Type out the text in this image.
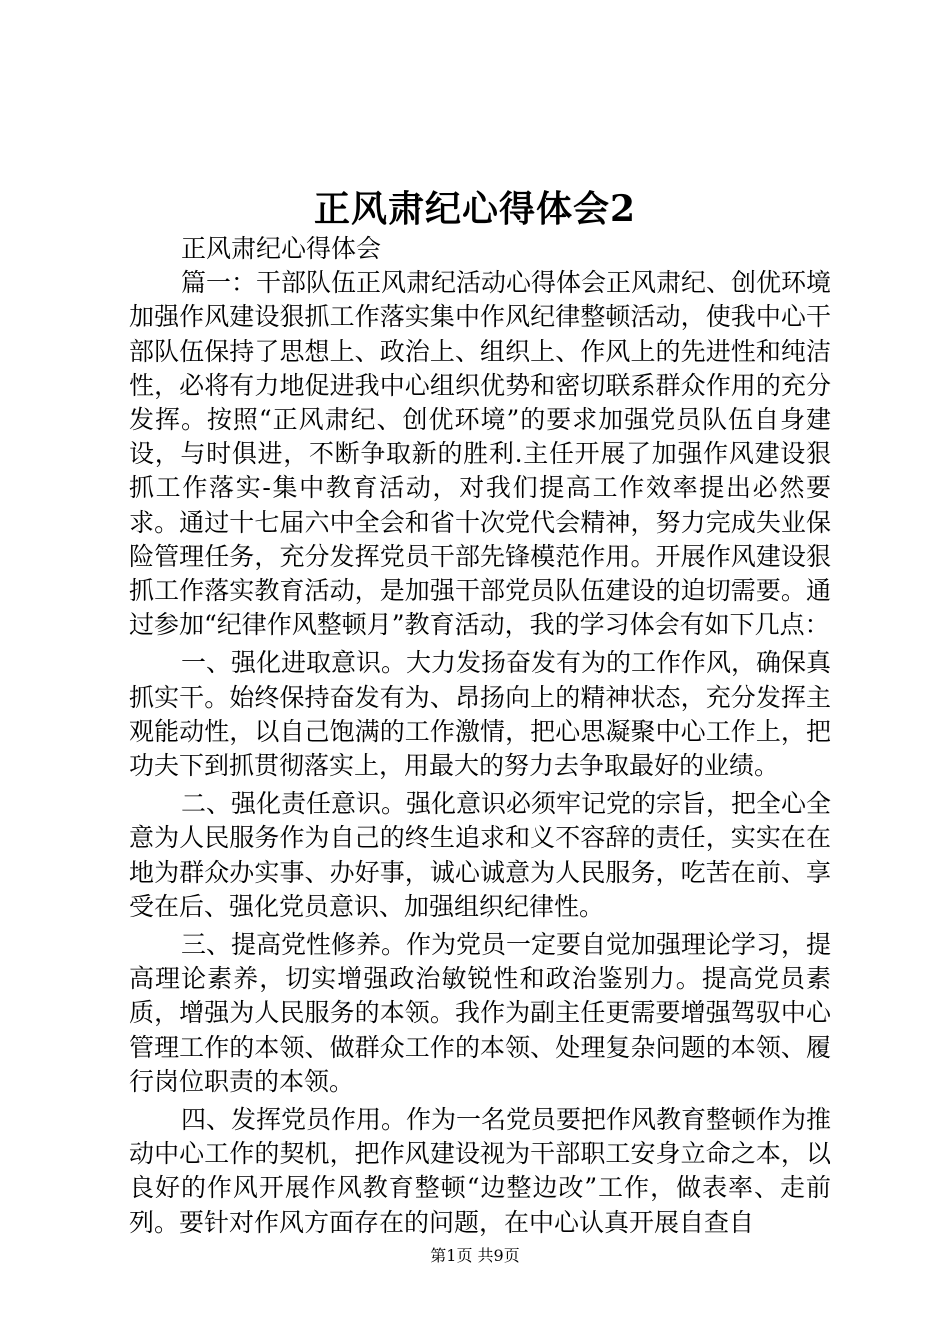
正风肃纪心得体会2

正风肃纪心得体会

篇一：干部队伍正风肃纪活动心得体会正风肃纪、创优环境加强作风建设狠抓工作落实集中作风纪律整顿活动，使我中心干部队伍保持了思想上、政治上、组织上、作风上的先进性和纯洁性，必将有力地促进我中心组织优势和密切联系群众作用的充分发挥。按照“正风肃纪、创优环境”的要求加强党员队伍自身建设，与时俱进，不断争取新的胜利.主任开展了加强作风建设狠抓工作落实-集中教育活动，对我们提高工作效率提出必然要求。通过十七届六中全会和省十次党代会精神，努力完成失业保险管理任务，充分发挥党员干部先锋模范作用。开展作风建设狠抓工作落实教育活动，是加强干部党员队伍建设的迫切需要。通过参加“纪律作风整顿月”教育活动，我的学习体会有如下几点：

一、强化进取意识。大力发扬奋发有为的工作作风，确保真抓实干。始终保持奋发有为、昂扬向上的精神状态，充分发挥主观能动性，以自己饱满的工作激情，把心思凝聚中心工作上，把功夫下到抓贯彻落实上，用最大的努力去争取最好的业绩。

二、强化责任意识。强化意识必须牢记党的宗旨，把全心全意为人民服务作为自己的终生追求和义不容辞的责任，实实在在地为群众办实事、办好事，诚心诚意为人民服务，吃苦在前、享受在后、强化党员意识、加强组织纪律性。

三、提高党性修养。作为党员一定要自觉加强理论学习，提高理论素养，切实增强政治敏锐性和政治鉴别力。提高党员素质，增强为人民服务的本领。我作为副主任更需要增强驾驭中心管理工作的本领、做群众工作的本领、处理复杂问题的本领、履行岗位职责的本领。

四、发挥党员作用。作为一名党员要把作风教育整顿作为推动中心工作的契机，把作风建设视为干部职工安身立命之本，以良好的作风开展作风教育整顿“边整边改”工作，做表率、走前列。要针对作风方面存在的问题，在中心认真开展自查自

第1页 共9页
